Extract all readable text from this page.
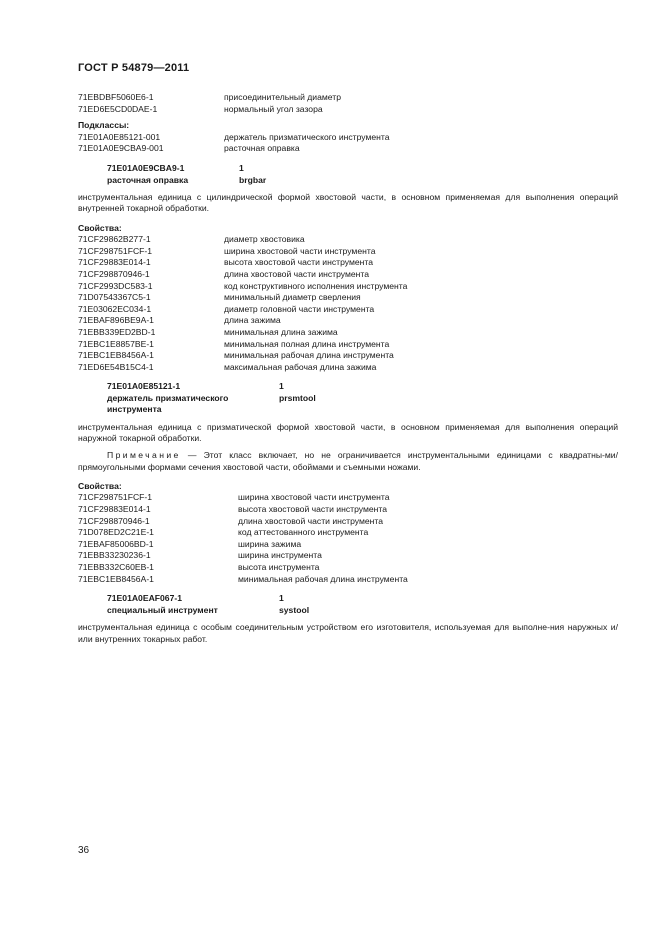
ГОСТ Р 54879—2011
71EBDBF5060E6-1	присоединительный диаметр
71ED6E5CD0DAE-1	нормальный угол зазора
Подклассы:
71E01A0E85121-001	держатель призматического инструмента
71E01A0E9CBA9-001	расточная оправка
71E01A0E9CBA9-1	1
расточная оправка	brgbar
инструментальная единица с цилиндрической формой хвостовой части, в основном применяемая для выполнения операций внутренней токарной обработки.
Свойства:
71CF29862B277-1	диаметр хвостовика
71CF298751FCF-1	ширина хвостовой части инструмента
71CF29883E014-1	высота хвостовой части инструмента
71CF298870946-1	длина хвостовой части инструмента
71CF2993DC583-1	код конструктивного исполнения инструмента
71D07543367C5-1	минимальный диаметр сверления
71E03062EC034-1	диаметр головной части инструмента
71EBAF896BE9A-1	длина зажима
71EBB339ED2BD-1	минимальная длина зажима
71EBC1E8857BE-1	минимальная полная длина инструмента
71EBC1EB8456A-1	минимальная рабочая длина инструмента
71ED6E54B15C4-1	максимальная рабочая длина зажима
71E01A0E85121-1	1
держатель призматического	prsmtool
инструмента
инструментальная единица с призматической формой хвостовой части, в основном применяемая для выполнения операций наружной токарной обработки.
Примечание — Этот класс включает, но не ограничивается инструментальными единицами с квадратны-ми/прямоугольными формами сечения хвостовой части, обоймами и съемными ножами.
Свойства:
71CF298751FCF-1	ширина хвостовой части инструмента
71CF29883E014-1	высота хвостовой части инструмента
71CF298870946-1	длина хвостовой части инструмента
71D078ED2C21E-1	код аттестованного инструмента
71EBAF85006BD-1	ширина зажима
71EBB33230236-1	ширина инструмента
71EBB332C60EB-1	высота инструмента
71EBC1EB8456A-1	минимальная рабочая длина инструмента
71E01A0EAF067-1	1
специальный инструмент	systool
инструментальная единица с особым соединительным устройством его изготовителя, используемая для выполне-ния наружных и/или внутренних токарных работ.
36
